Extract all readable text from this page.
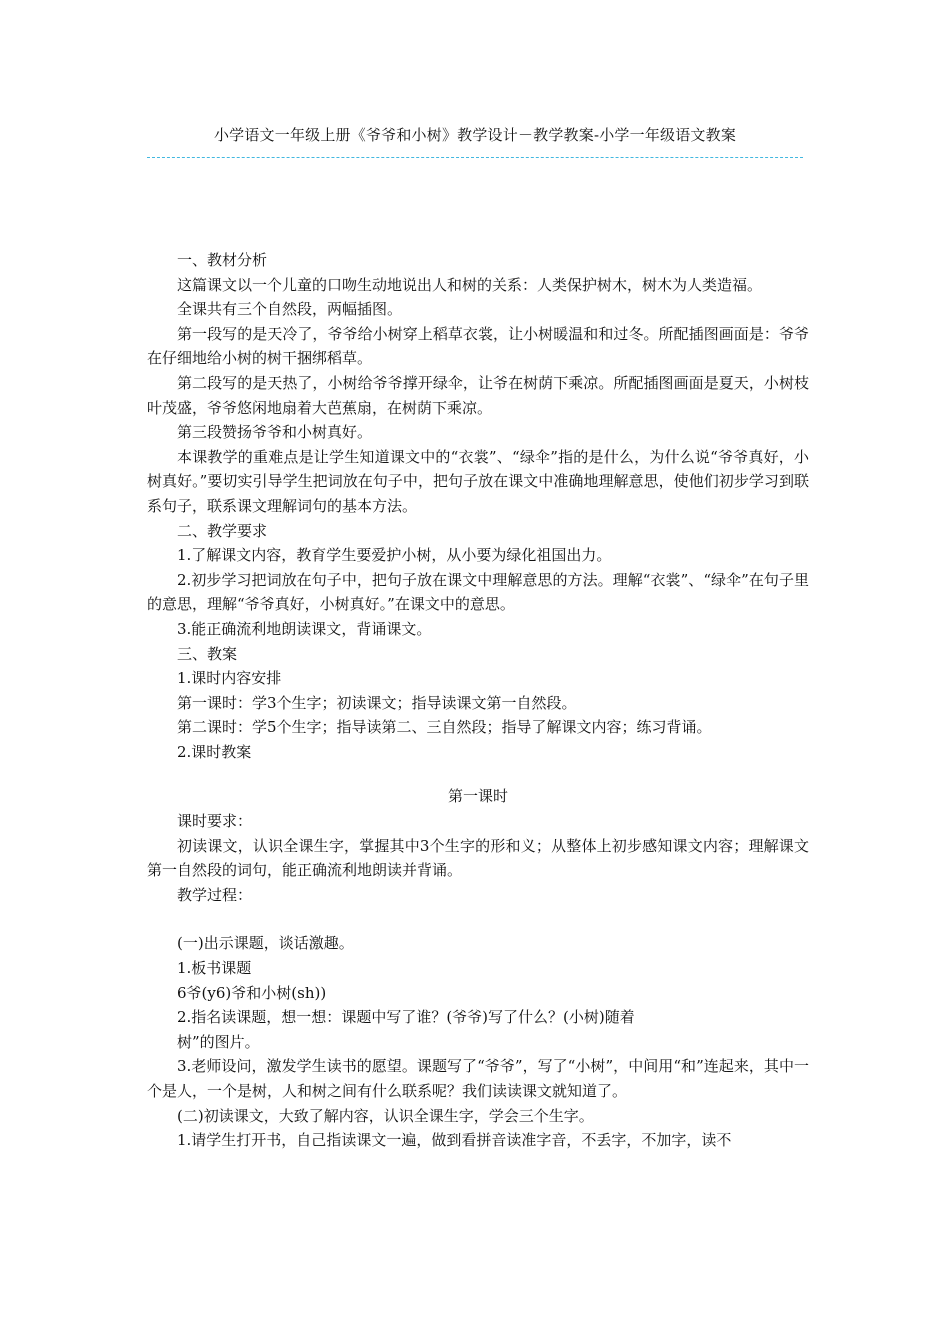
小学语文一年级上册《爷爷和小树》教学设计－教学教案-小学一年级语文教案

一、教材分析

这篇课文以一个儿童的口吻生动地说出人和树的关系：人类保护树木，树木为人类造福。

全课共有三个自然段，两幅插图。

第一段写的是天冷了，爷爷给小树穿上稻草衣裳，让小树暖温和和过冬。所配插图画面是：爷爷在仔细地给小树的树干捆绑稻草。

第二段写的是天热了，小树给爷爷撑开绿伞，让爷在树荫下乘凉。所配插图画面是夏天，小树枝叶茂盛，爷爷悠闲地扇着大芭蕉扇，在树荫下乘凉。

第三段赞扬爷爷和小树真好。

本课教学的重难点是让学生知道课文中的“衣裳”、“绿伞”指的是什么，为什么说“爷爷真好，小树真好。”要切实引导学生把词放在句子中，把句子放在课文中准确地理解意思，使他们初步学习到联系句子，联系课文理解词句的基本方法。

二、教学要求

1.了解课文内容，教育学生要爱护小树，从小要为绿化祖国出力。

2.初步学习把词放在句子中，把句子放在课文中理解意思的方法。理解“衣裳”、“绿伞”在句子里的意思，理解“爷爷真好，小树真好。”在课文中的意思。

3.能正确流利地朗读课文，背诵课文。

三、教案

1.课时内容安排

第一课时：学3个生字；初读课文；指导读课文第一自然段。

第二课时：学5个生字；指导读第二、三自然段；指导了解课文内容；练习背诵。

2.课时教案

第一课时

课时要求：

初读课文，认识全课生字，掌握其中3个生字的形和义；从整体上初步感知课文内容；理解课文第一自然段的词句，能正确流利地朗读并背诵。

教学过程：

(一)出示课题，谈话激趣。

1.板书课题

6爷(y6)爷和小树(sh))

2.指名读课题，想一想：课题中写了谁？(爷爷)写了什么？(小树)随着

树”的图片。

3.老师设问，激发学生读书的愿望。课题写了“爷爷”，写了“小树”，中间用“和”连起来，其中一个是人，一个是树，人和树之间有什么联系呢？我们读读课文就知道了。

(二)初读课文，大致了解内容，认识全课生字，学会三个生字。

1.请学生打开书，自己指读课文一遍，做到看拼音读准字音，不丢字，不加字，读不
